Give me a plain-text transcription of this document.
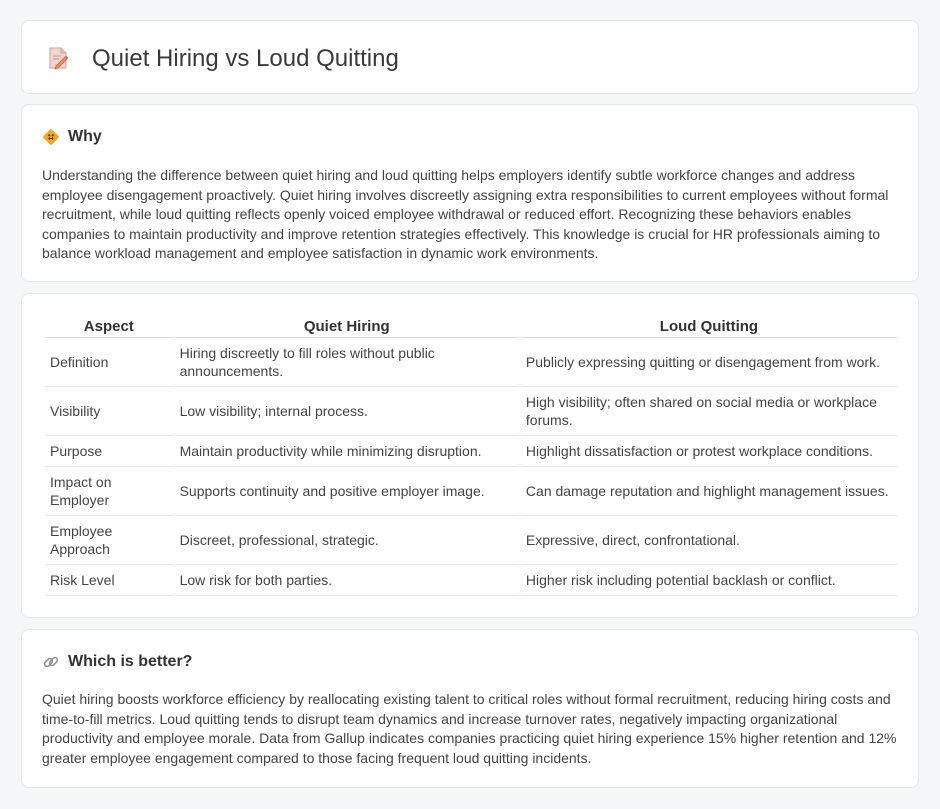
Quiet Hiring vs Loud Quitting
Why

Understanding the difference between quiet hiring and loud quitting helps employers identify subtle workforce changes and address employee disengagement proactively. Quiet hiring involves discreetly assigning extra responsibilities to current employees without formal recruitment, while loud quitting reflects openly voiced employee withdrawal or reduced effort. Recognizing these behaviors enables companies to maintain productivity and improve retention strategies effectively. This knowledge is crucial for HR professionals aiming to balance workload management and employee satisfaction in dynamic work environments.

Aspect	Quiet Hiring	Loud Quitting
Definition	Hiring discreetly to fill roles without public announcements.	Publicly expressing quitting or disengagement from work.
Visibility	Low visibility; internal process.	High visibility; often shared on social media or workplace forums.
Purpose	Maintain productivity while minimizing disruption.	Highlight dissatisfaction or protest workplace conditions.
Impact on Employer	Supports continuity and positive employer image.	Can damage reputation and highlight management issues.
Employee Approach	Discreet, professional, strategic.	Expressive, direct, confrontational.
Risk Level	Low risk for both parties.	Higher risk including potential backlash or conflict.
Which is better?

Quiet hiring boosts workforce efficiency by reallocating existing talent to critical roles without formal recruitment, reducing hiring costs and time-to-fill metrics. Loud quitting tends to disrupt team dynamics and increase turnover rates, negatively impacting organizational productivity and employee morale. Data from Gallup indicates companies practicing quiet hiring experience 15% higher retention and 12% greater employee engagement compared to those facing frequent loud quitting incidents.
